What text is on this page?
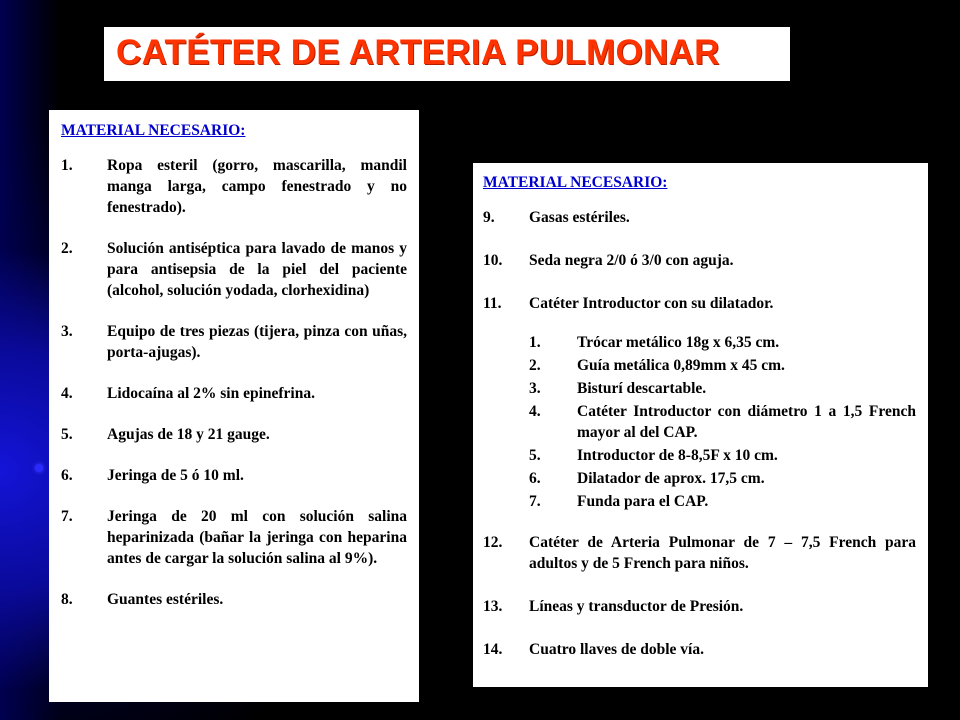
CATÉTER DE ARTERIA PULMONAR
MATERIAL NECESARIO:
1.	Ropa esteril (gorro, mascarilla, mandil manga larga, campo fenestrado y no fenestrado).
2.	Solución antiséptica para lavado de manos y para antisepsia de la piel del paciente (alcohol, solución yodada, clorhexidina)
3.	Equipo de tres piezas (tijera, pinza con uñas, porta-ajugas).
4.	Lidocaína al 2% sin epinefrina.
5.	Agujas de 18 y 21 gauge.
6.	Jeringa de 5 ó 10 ml.
7.	Jeringa de 20 ml con solución salina heparinizada (bañar la jeringa con heparina antes de cargar la solución salina al 9%).
8.	Guantes estériles.
MATERIAL NECESARIO:
9.	Gasas estériles.
10.	Seda negra 2/0 ó 3/0 con aguja.
11.	Catéter Introductor con su dilatador.
1.	Trócar metálico 18g x 6,35 cm.
2.	Guía metálica 0,89mm x 45 cm.
3.	Bisturí descartable.
4.	Catéter Introductor con diámetro 1 a 1,5 French mayor al del CAP.
5.	Introductor de 8-8,5F x 10 cm.
6.	Dilatador de aprox. 17,5 cm.
7.	Funda para el CAP.
12.	Catéter de Arteria Pulmonar de 7 – 7,5 French para adultos y de 5 French para niños.
13.	Líneas y transductor de Presión.
14.	Cuatro llaves de doble vía.
